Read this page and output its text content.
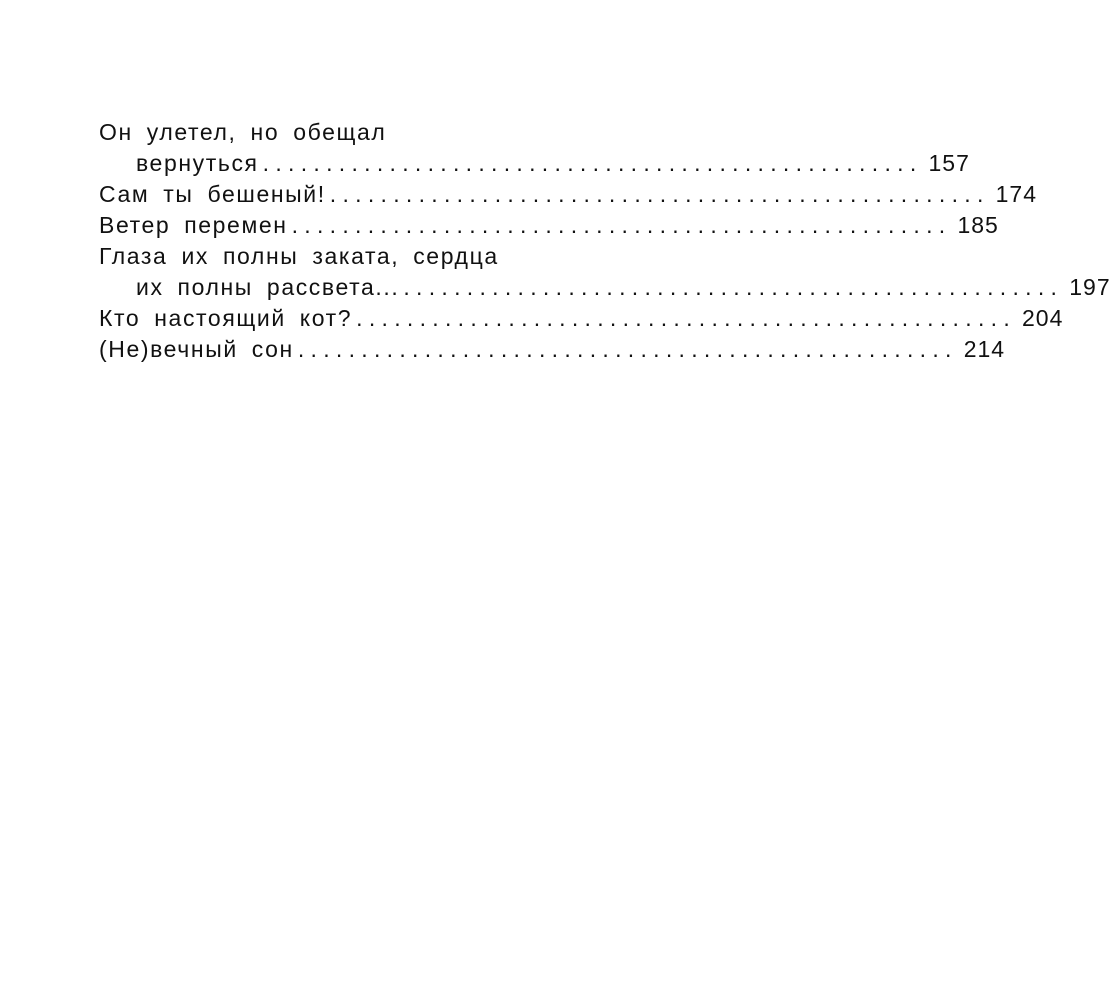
Он улетел, но обещал
вернуться .................................................... 157
Сам ты бешеный! .................................................... 174
Ветер перемен .................................................... 185
Глаза их полны заката, сердца
их полны рассвета... .................................................... 197
Кто настоящий кот? .................................................... 204
(Не)вечный сон .................................................... 214
